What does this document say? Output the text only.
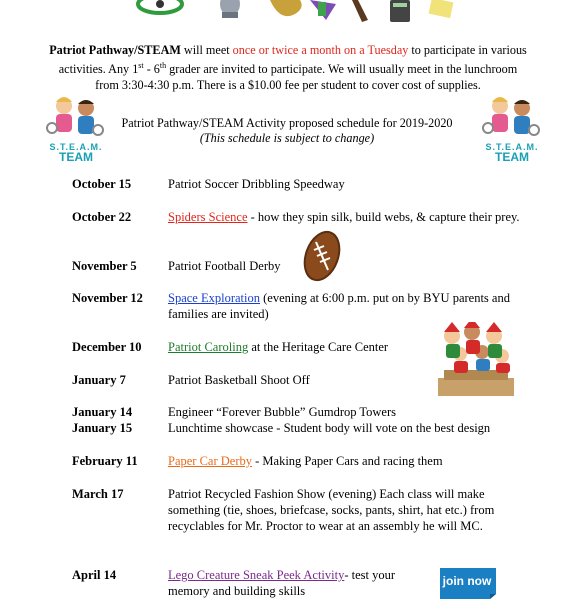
Patriot Pathway/STEAM will meet once or twice a month on a Tuesday to participate in various activities. Any 1st - 6th grader are invited to participate. We will usually meet in the lunchroom from 3:30-4:30 p.m. There is a $10.00 fee per student to cover cost of supplies.
S.T.E.A.M.
TEAM
S.T.E.A.M.
TEAM
Patriot Pathway/STEAM Activity proposed schedule for 2019-2020
(This schedule is subject to change)
October 15	Patriot Soccer Dribbling Speedway
October 22	Spiders Science - how they spin silk, build webs, & capture their prey.
November 5	Patriot Football Derby
November 12	Space Exploration (evening at 6:00 p.m. put on by BYU parents and families are invited)
December 10	Patriot Caroling at the Heritage Care Center
January 7	Patriot Basketball Shoot Off
January 14	Engineer “Forever Bubble” Gumdrop Towers
January 15	Lunchtime showcase - Student body will vote on the best design
February 11	Paper Car Derby - Making Paper Cars and racing them
March 17	Patriot Recycled Fashion Show (evening) Each class will make something (tie, shoes, briefcase, socks, pants, shirt, hat etc.) from recyclables for Mr. Proctor to wear at an assembly he will MC.
April 14	Lego Creature Sneak Peek Activity- test your memory and building skills
join now
